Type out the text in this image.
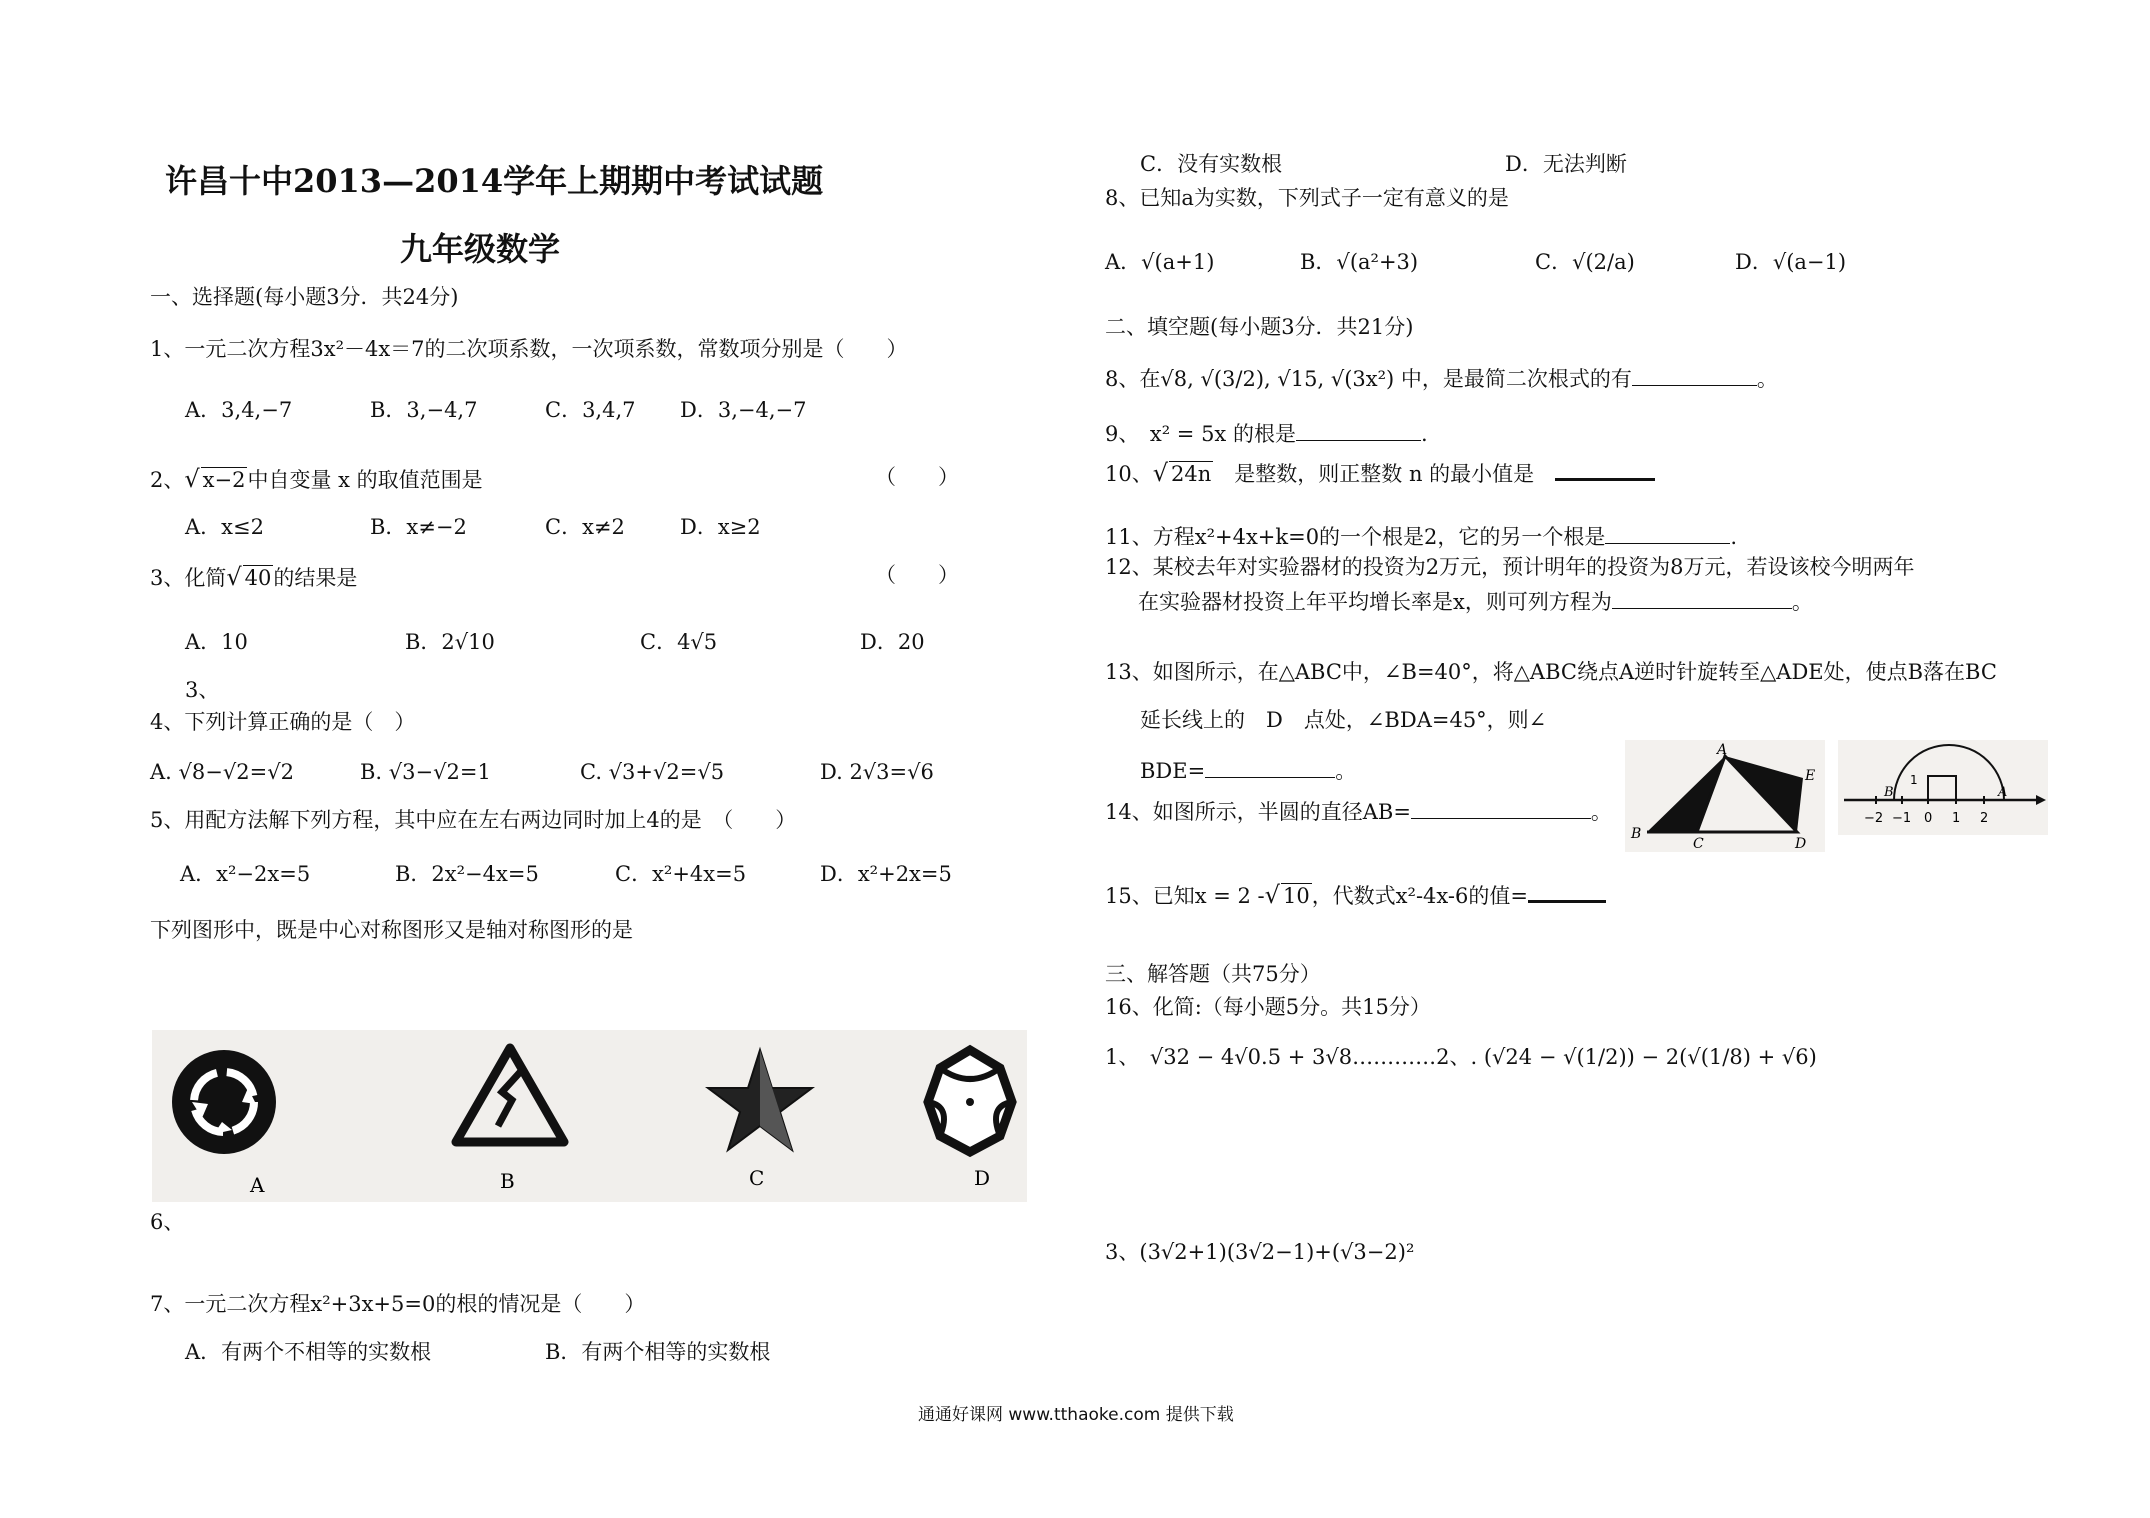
许昌十中2013—2014学年上期期中考试试题
九年级数学
一、选择题(每小题3分．共24分)
1、一元二次方程3x²－4x＝7的二次项系数，一次项系数，常数项分别是（　　）
A．3,4,−7	B．3,−4,7	C．3,4,7 D．3,−4,−7
2、√ x−2中自变量 x 的取值范围是	（　　）
A．x≤2	B．x≠−2	C．x≠2	D．x≥2
3、化简√ 40的结果是	（　　）
A．10	B．2√10	C．4√5	D．20
3、
4、下列计算正确的是（　）
A. √8−√2=√2	B. √3−√2=1	C. √3+√2=√5	D. 2√3=√6
5、用配方法解下列方程，其中应在左右两边同时加上4的是　（　　）
A．x²−2x=5	B．2x²−4x=5	C．x²+4x=5	D．x²+2x=5
下列图形中，既是中心对称图形又是轴对称图形的是
A	B	C	D
6、
7、一元二次方程x²+3x+5=0的根的情况是（　　）
A．有两个不相等的实数根	B．有两个相等的实数根
C．没有实数根	D．无法判断
8、已知a为实数，下列式子一定有意义的是
A．√(a+1)	B．√(a²+3)	C．√(2/a)	D．√(a−1)
二、填空题(每小题3分．共21分)
8、在√8, √(3/2), √15, √(3x²) 中，是最简二次根式的有	。
9、　x² = 5x 的根是	.
10、√ 24n　是整数，则正整数 n 的最小值是　
11、方程x²+4x+k=0的一个根是2，它的另一个根是	.
12、某校去年对实验器材的投资为2万元，预计明年的投资为8万元，若设该校今明两年
在实验器材投资上年平均增长率是x，则可列方程为	。
13、如图所示，在△ABC中，∠B=40°，将△ABC绕点A逆时针旋转至△ADE处，使点B落在BC
延长线上的　D　点处，∠BDA=45°，则∠
BDE=	。
14、如图所示，半圆的直径AB=	。
A
B
C	D
E
−2 −1 0 1 2
B	A
1
15、已知x = 2 -√ 10，代数式x²-4x-6的值=
三、解答题（共75分）
16、化简:（每小题5分。共15分）
1、　 √32 − 4√0.5 + 3√8…………2、. (√24 − √(1/2)) − 2(√(1/8) + √6)
3、(3√2+1)(3√2−1)+(√3−2)²
通通好课网 www.tthaoke.com 提供下载
